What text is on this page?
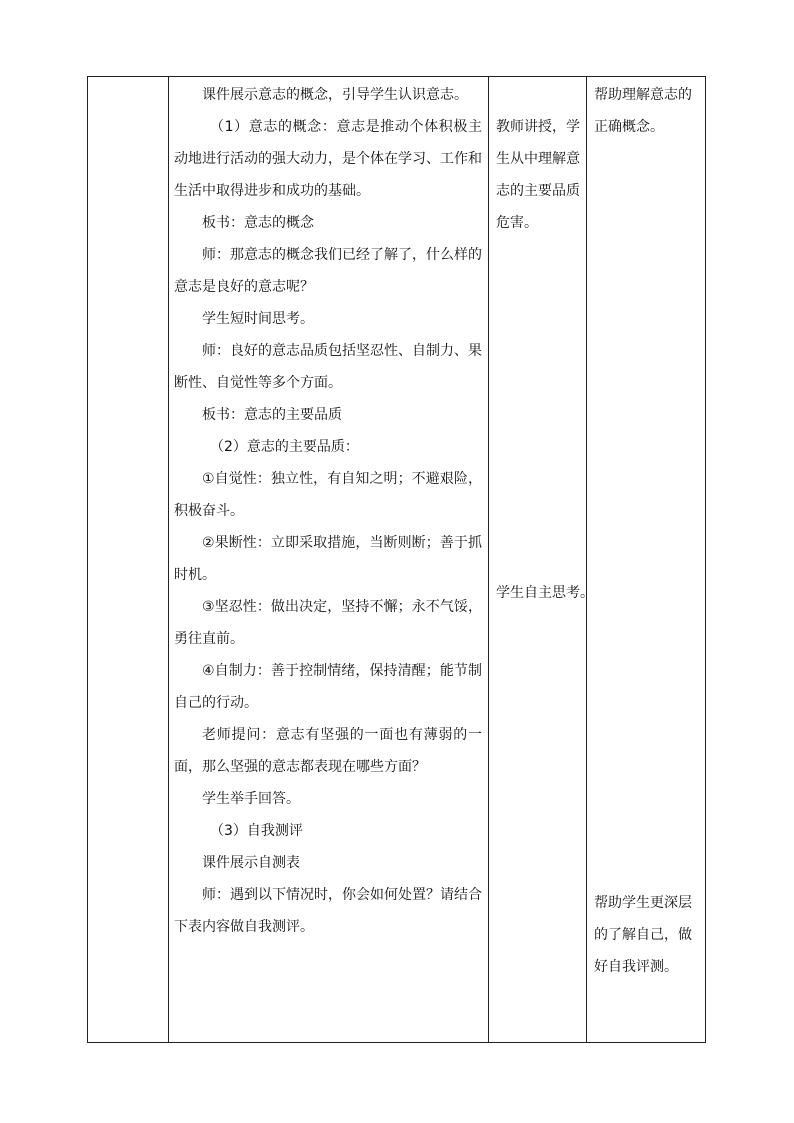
课件展示意志的概念，引导学生认识意志。

（1）意志的概念：意志是推动个体积极主动地进行活动的强大动力，是个体在学习、工作和生活中取得进步和成功的基础。

板书：意志的概念

师：那意志的概念我们已经了解了，什么样的意志是良好的意志呢？

学生短时间思考。

师：良好的意志品质包括坚忍性、自制力、果断性、自觉性等多个方面。

板书：意志的主要品质

（2）意志的主要品质：

①自觉性：独立性，有自知之明；不避艰险，积极奋斗。

②果断性：立即采取措施，当断则断；善于抓时机。

③坚忍性：做出决定，坚持不懈；永不气馁，勇往直前。

④自制力：善于控制情绪，保持清醒；能节制自己的行动。

老师提问：意志有坚强的一面也有薄弱的一面，那么坚强的意志都表现在哪些方面？

学生举手回答。

（3）自我测评

课件展示自测表

师：遇到以下情况时，你会如何处置？请结合下表内容做自我测评。

教师讲授，学生从中理解意志的主要品质危害。

学生自主思考。

帮助理解意志的正确概念。

帮助学生更深层的了解自己，做好自我评测。
